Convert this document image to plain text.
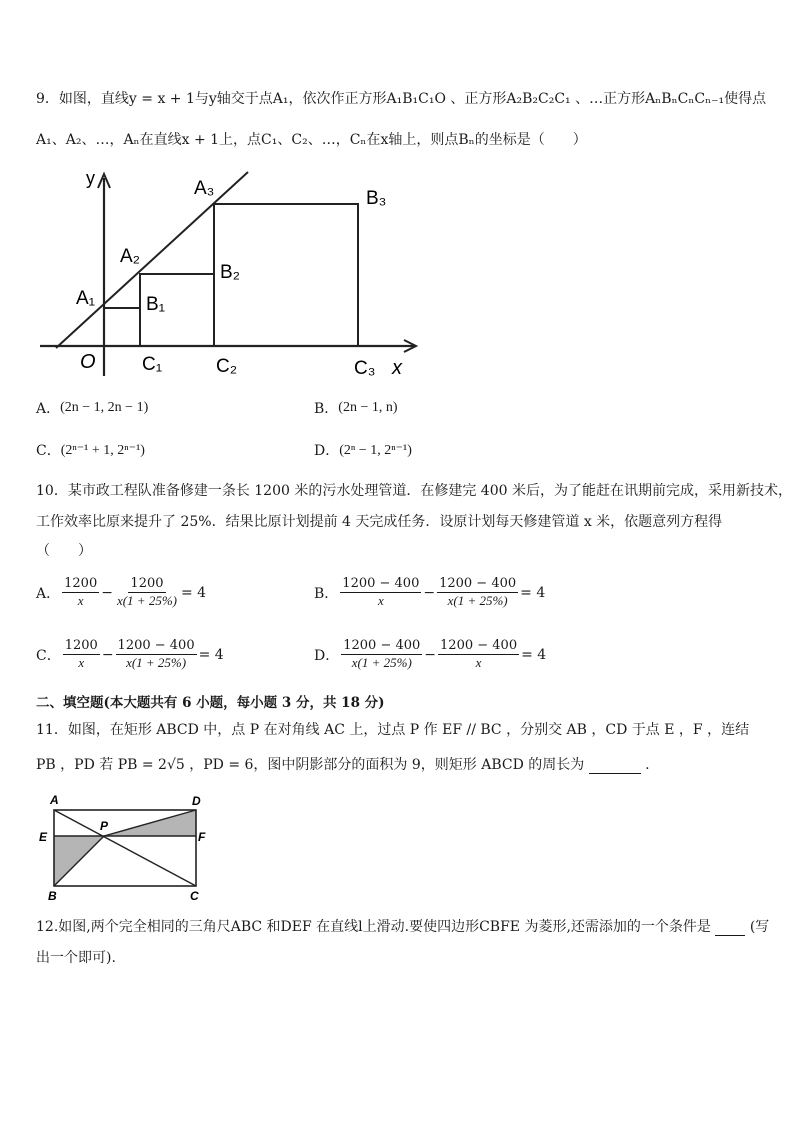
9．如图，直线y = x + 1与y轴交于点A₁，依次作正方形A₁B₁C₁O 、正方形A₂B₂C₂C₁ 、…正方形AₙBₙCₙCₙ₋₁使得点
A₁、A₂、…，Aₙ在直线x + 1上，点C₁、C₂、…，Cₙ在x轴上，则点Bₙ的坐标是（　　）
y
x
O
A₁
A₂
A₃
B₁
B₂
B₃
C₁	C₂	C₃
A． (2n − 1, 2n − 1)	B． (2n − 1, n)
C． (2ⁿ⁻¹ + 1, 2ⁿ⁻¹)	D． (2ⁿ − 1, 2ⁿ⁻¹)
10．某市政工程队准备修建一条长 1200 米的污水处理管道．在修建完 400 米后，为了能赶在讯期前完成，采用新技术，
工作效率比原来提升了 25%．结果比原计划提前 4 天完成任务．设原计划每天修建管道 x 米，依题意列方程得
（　　）
A． $\frac{1200}{x} - \frac{1200}{x(1 + 25\%)} = 4$	B． $\frac{1200 - 400}{x} - \frac{1200 - 400}{x(1 + 25\%)} = 4$
C． $\frac{1200}{x} - \frac{1200 - 400}{x(1 + 25\%)} = 4$	D． $\frac{1200 - 400}{x(1 + 25\%)} - \frac{1200 - 400}{x} = 4$
二、填空题(本大题共有 6 小题，每小题 3 分，共 18 分)
11．如图，在矩形 ABCD 中，点 P 在对角线 AC 上，过点 P 作 EF // BC ，分别交 AB ，CD 于点 E ，F ，连结
PB ，PD 若 PB = 2√5 ，PD = 6，图中阴影部分的面积为 9，则矩形 ABCD 的周长为	.
A	D
E	F
P
B	C
12.如图,两个完全相同的三角尺ABC 和DEF 在直线l上滑动.要使四边形CBFE 为菱形,还需添加的一个条件是	(写
出一个即可).
